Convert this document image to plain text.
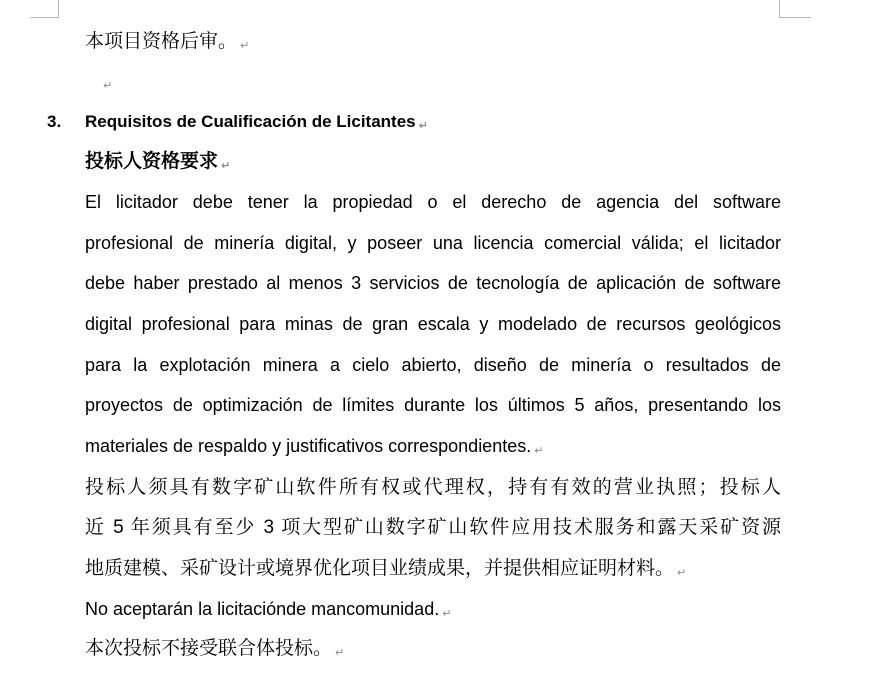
本项目资格后审。 ↵
↵
3. Requisitos de Cualificación de Licitantes ↵
投标人资格要求 ↵
El licitador debe tener la propiedad o el derecho de agencia del software
profesional de minería digital, y poseer una licencia comercial válida; el licitador
debe haber prestado al menos 3 servicios de tecnología de aplicación de software
digital profesional para minas de gran escala y modelado de recursos geológicos
para la explotación minera a cielo abierto, diseño de minería o resultados de
proyectos de optimización de límites durante los últimos 5 años, presentando los
materiales de respaldo y justificativos correspondientes. ↵
投标人须具有数字矿山软件所有权或代理权，持有有效的营业执照；投标人
近 5 年须具有至少 3 项大型矿山数字矿山软件应用技术服务和露天采矿资源
地质建模、采矿设计或境界优化项目业绩成果，并提供相应证明材料。 ↵
No aceptarán la licitaciónde mancomunidad. ↵
本次投标不接受联合体投标。 ↵
